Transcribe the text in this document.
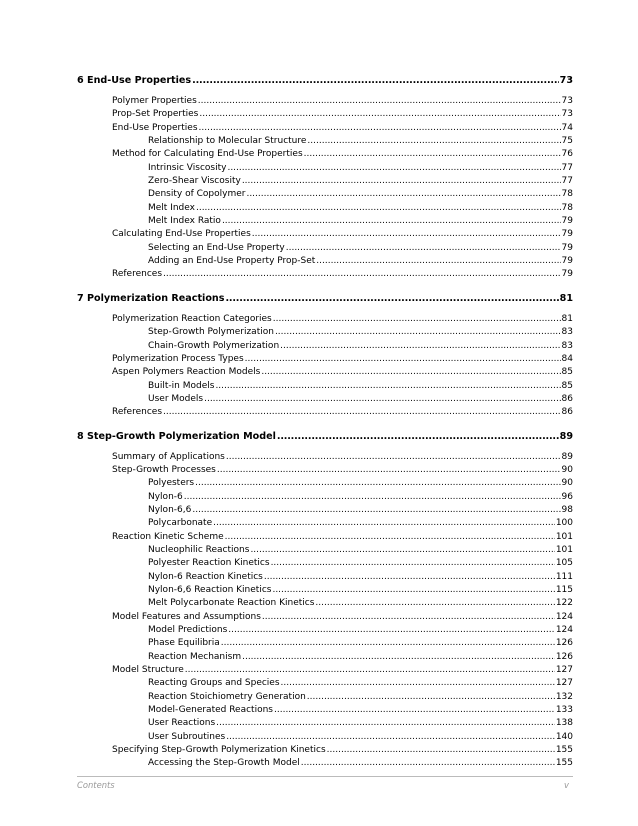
6 End-Use Properties .....	73
Polymer Properties .....	73
Prop-Set Properties .....	73
End-Use Properties .....	74
Relationship to Molecular Structure .....	75
Method for Calculating End-Use Properties .....	76
Intrinsic Viscosity .....	77
Zero-Shear Viscosity .....	77
Density of Copolymer .....	78
Melt Index .....	78
Melt Index Ratio .....	79
Calculating End-Use Properties .....	79
Selecting an End-Use Property .....	79
Adding an End-Use Property Prop-Set .....	79
References .....	79
7 Polymerization Reactions .....	81
Polymerization Reaction Categories .....	81
Step-Growth Polymerization .....	83
Chain-Growth Polymerization .....	83
Polymerization Process Types .....	84
Aspen Polymers Reaction Models .....	85
Built-in Models .....	85
User Models .....	86
References .....	86
8 Step-Growth Polymerization Model .....	89
Summary of Applications .....	89
Step-Growth Processes .....	90
Polyesters .....	90
Nylon-6 .....	96
Nylon-6,6 .....	98
Polycarbonate .....	100
Reaction Kinetic Scheme .....	101
Nucleophilic Reactions .....	101
Polyester Reaction Kinetics .....	105
Nylon-6 Reaction Kinetics .....	111
Nylon-6,6 Reaction Kinetics .....	115
Melt Polycarbonate Reaction Kinetics .....	122
Model Features and Assumptions .....	124
Model Predictions .....	124
Phase Equilibria .....	126
Reaction Mechanism .....	126
Model Structure .....	127
Reacting Groups and Species .....	127
Reaction Stoichiometry Generation .....	132
Model-Generated Reactions .....	133
User Reactions .....	138
User Subroutines .....	140
Specifying Step-Growth Polymerization Kinetics .....	155
Accessing the Step-Growth Model .....	155
Contents	v
